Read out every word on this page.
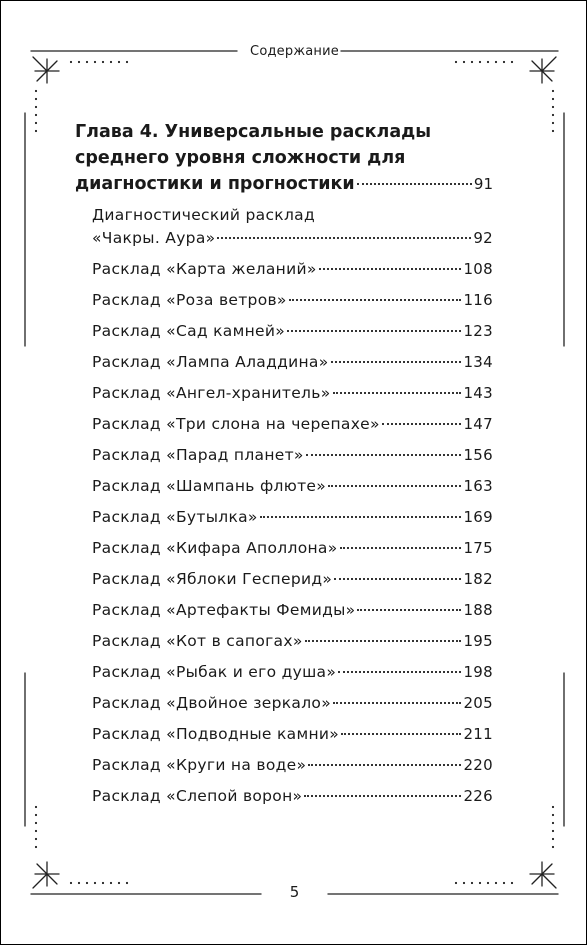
Содержание
Глава 4. Универсальные расклады
среднего уровня сложности для
диагностики и прогностики	91
Диагностический расклад
«Чакры. Аура»	92
Расклад «Карта желаний»	108
Расклад «Роза ветров»	116
Расклад «Сад камней»	123
Расклад «Лампа Аладдина»	134
Расклад «Ангел-хранитель»	143
Расклад «Три слона на черепахе»	147
Расклад «Парад планет»	156
Расклад «Шампань флюте»	163
Расклад «Бутылка»	169
Расклад «Кифара Аполлона»	175
Расклад «Яблоки Гесперид»	182
Расклад «Артефакты Фемиды»	188
Расклад «Кот в сапогах»	195
Расклад «Рыбак и его душа»	198
Расклад «Двойное зеркало»	205
Расклад «Подводные камни»	211
Расклад «Круги на воде»	220
Расклад «Слепой ворон»	226
5
